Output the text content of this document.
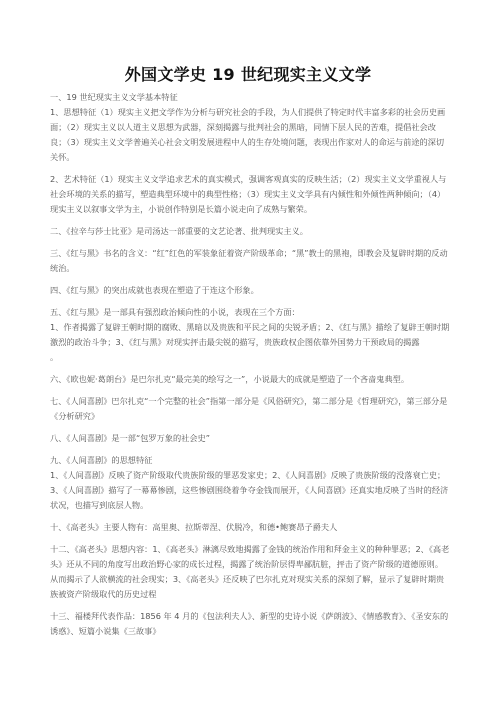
外国文学史 19 世纪现实主义文学

一、19 世纪现实主义文学基本特征

1、思想特征（1）现实主义把文学作为分析与研究社会的手段，为人们提供了特定时代丰富多彩的社会历史画面；（2）现实主义以人道主义思想为武器，深刻揭露与批判社会的黑暗，同情下层人民的苦难，提倡社会改良；（3）现实主义文学普遍关心社会文明发展进程中人的生存处境问题，表现出作家对人的命运与前途的深切关怀。

2、艺术特征（1）现实主义文学追求艺术的真实模式，强调客观真实的反映生活；（2）现实主义文学重视人与社会环境的关系的描写，塑造典型环境中的典型性格；（3）现实主义文学具有内倾性和外倾性两种倾向；（4）现实主义以叙事文学为主，小说创作特别是长篇小说走向了成熟与繁荣。

二、《拉辛与莎士比亚》是司汤达一部重要的文艺论著、批判现实主义。

三、《红与黑》书名的含义：“红”红色的军装象征着资产阶级革命；“黑”教士的黑袍，即教会及复辟时期的反动统治。

四、《红与黑》的突出成就也表现在塑造了于连这个形象。

五、《红与黑》是一部具有强烈政治倾向性的小说，表现在三个方面：

1、作者揭露了复辟王朝时期的腐败、黑暗以及贵族和平民之间的尖锐矛盾；2、《红与黑》描绘了复辟王朝时期激烈的政治斗争；3、《红与黑》对现实抨击最尖锐的描写，贵族政权企图依靠外国势力干预政局的揭露

。

六、《欧也妮·葛朗台》是巴尔扎克“最完美的绘写之一”，小说最大的成就是塑造了一个吝啬鬼典型。

七、《人间喜剧》巴尔扎克“一个完整的社会”指第一部分是《风俗研究》，第二部分是《哲理研究》，第三部分是《分析研究》

八、《人间喜剧》是一部“包罗万象的社会史”

九、《人间喜剧》的思想特征

1、《人间喜剧》反映了资产阶级取代贵族阶级的罪恶发家史；2、《人间喜剧》反映了贵族阶级的没落衰亡史；3、《人间喜剧》描写了一幕幕惨剧，这些惨剧围绕着争夺金钱而展开，《人间喜剧》还真实地反映了当时的经济状况，也描写到底层人物。

十、《高老头》主要人物有：高里奥、拉斯蒂涅、伏脱冷，和德•鲍赛昂子爵夫人

十二、《高老头》思想内容：1、《高老头》淋漓尽致地揭露了金钱的统治作用和拜金主义的种种罪恶；2、《高老头》还从不同的角度写出政治野心家的成长过程，揭露了统治阶层得卑鄙肮脏，抨击了资产阶级的道德原则。从而揭示了人欲横流的社会现实；3、《高老头》还反映了巴尔扎克对现实关系的深刻了解，显示了复辟时期贵族被资产阶级取代的历史过程

十三、福楼拜代表作品：1856 年 4 月的《包法利夫人》、新型的史诗小说《萨朗波》、《情感教育》、《圣安东的诱惑》、短篇小说集《三故事》
